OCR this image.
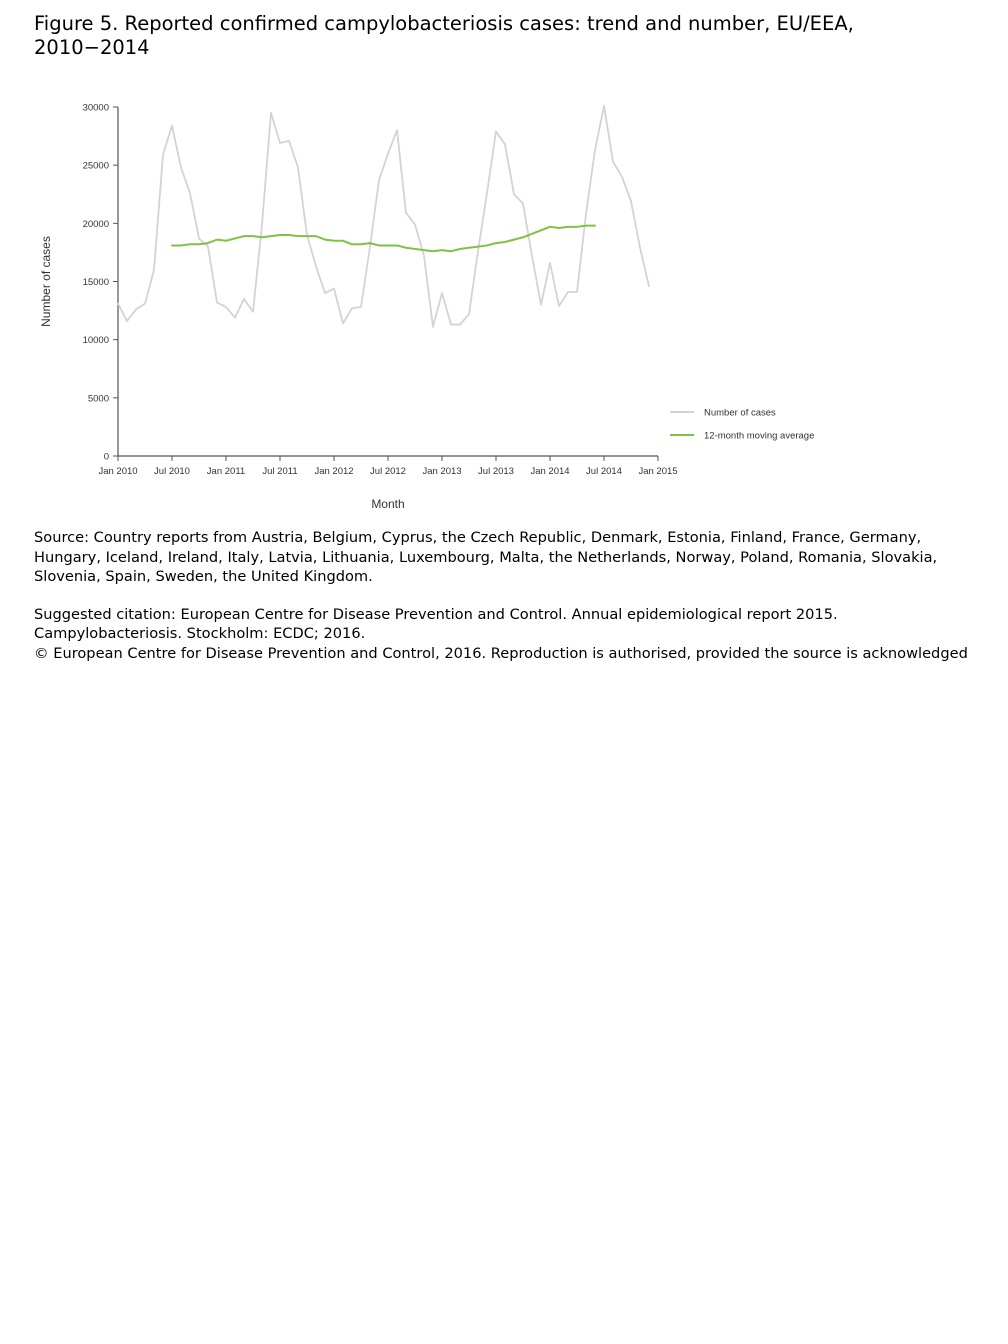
Figure 5. Reported confirmed campylobacteriosis cases: trend and number, EU/EEA,
2010−2014
0
5000
10000
15000
20000
25000
30000
Jan 2010 Jul 2010 Jan 2011 Jul 2011 Jan 2012 Jul 2012 Jan 2013 Jul 2013 Jan 2014 Jul 2014 Jan 2015
Number of cases
Month
Number of cases
12-month moving average

Source: Country reports from Austria, Belgium, Cyprus, the Czech Republic, Denmark, Estonia, Finland, France, Germany, Hungary, Iceland, Ireland, Italy, Latvia, Lithuania, Luxembourg, Malta, the Netherlands, Norway, Poland, Romania, Slovakia, Slovenia, Spain, Sweden, the United Kingdom.

Suggested citation: European Centre for Disease Prevention and Control. Annual epidemiological report 2015. Campylobacteriosis. Stockholm: ECDC; 2016.

© European Centre for Disease Prevention and Control, 2016. Reproduction is authorised, provided the source is acknowledged
